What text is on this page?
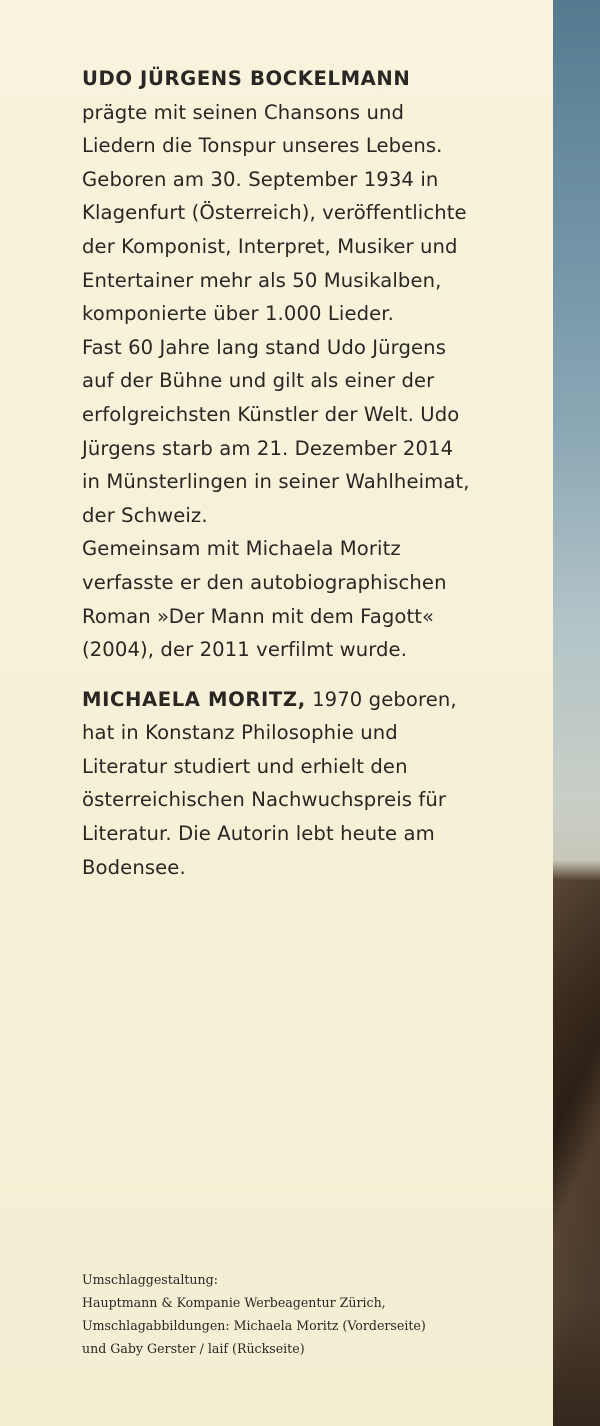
UDO JÜRGENS BOCKELMANN

prägte mit seinen Chansons und

Liedern die Tonspur unseres Lebens.

Geboren am 30. September 1934 in

Klagenfurt (Österreich), veröffentlichte

der Komponist, Interpret, Musiker und

Entertainer mehr als 50 Musikalben,

komponierte über 1.000 Lieder.

Fast 60 Jahre lang stand Udo Jürgens

auf der Bühne und gilt als einer der

erfolgreichsten Künstler der Welt. Udo

Jürgens starb am 21. Dezember 2014

in Münsterlingen in seiner Wahlheimat,

der Schweiz.

Gemeinsam mit Michaela Moritz

verfasste er den autobiographischen

Roman »Der Mann mit dem Fagott«

(2004), der 2011 verfilmt wurde.

MICHAELA MORITZ, 1970 geboren,

hat in Konstanz Philosophie und

Literatur studiert und erhielt den

österreichischen Nachwuchspreis für

Literatur. Die Autorin lebt heute am

Bodensee.

Umschlaggestaltung:

Hauptmann & Kompanie Werbeagentur Zürich,

Umschlagabbildungen: Michaela Moritz (Vorderseite)

und Gaby Gerster / laif (Rückseite)
